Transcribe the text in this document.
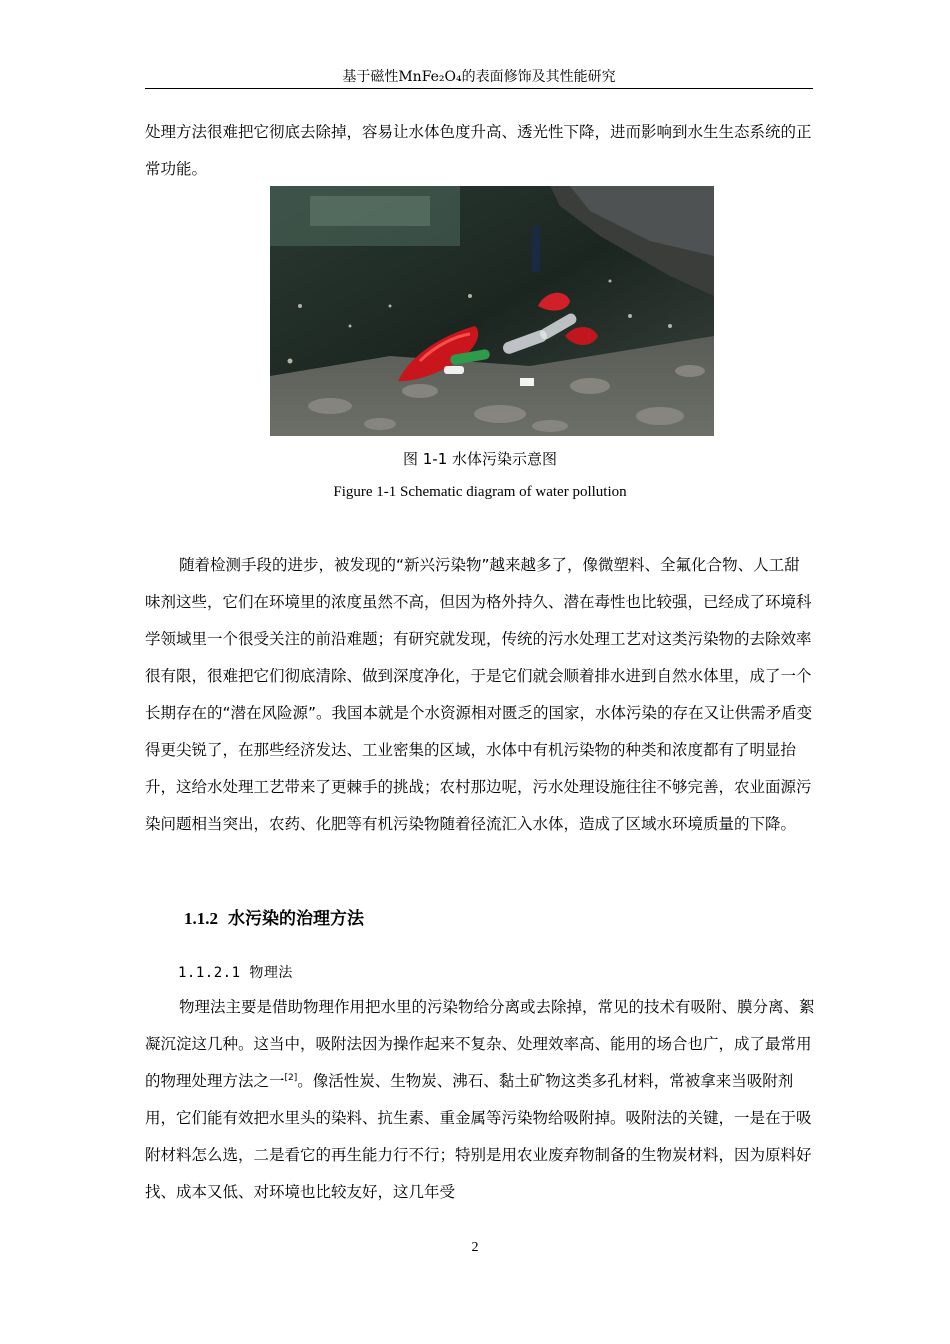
基于磁性MnFe₂O₄的表面修饰及其性能研究

处理方法很难把它彻底去除掉，容易让水体色度升高、透光性下降，进而影响到水生生态系统的正常功能。

图 1-1 水体污染示意图
Figure 1-1 Schematic diagram of water pollution

随着检测手段的进步，被发现的“新兴污染物”越来越多了，像微塑料、全氟化合物、人工甜味剂这些，它们在环境里的浓度虽然不高，但因为格外持久、潜在毒性也比较强，已经成了环境科学领域里一个很受关注的前沿难题；有研究就发现，传统的污水处理工艺对这类污染物的去除效率很有限，很难把它们彻底清除、做到深度净化，于是它们就会顺着排水进到自然水体里，成了一个长期存在的“潜在风险源”。我国本就是个水资源相对匮乏的国家，水体污染的存在又让供需矛盾变得更尖锐了，在那些经济发达、工业密集的区域，水体中有机污染物的种类和浓度都有了明显抬升，这给水处理工艺带来了更棘手的挑战；农村那边呢，污水处理设施往往不够完善，农业面源污染问题相当突出，农药、化肥等有机污染物随着径流汇入水体，造成了区域水环境质量的下降。

1.1.2 水污染的治理方法
1.1.2.1 物理法

物理法主要是借助物理作用把水里的污染物给分离或去除掉，常见的技术有吸附、膜分离、絮凝沉淀这几种。这当中，吸附法因为操作起来不复杂、处理效率高、能用的场合也广，成了最常用的物理处理方法之一[2]。像活性炭、生物炭、沸石、黏土矿物这类多孔材料，常被拿来当吸附剂用，它们能有效把水里头的染料、抗生素、重金属等污染物给吸附掉。吸附法的关键，一是在于吸附材料怎么选，二是看它的再生能力行不行；特别是用农业废弃物制备的生物炭材料，因为原料好找、成本又低、对环境也比较友好，这几年受

2
